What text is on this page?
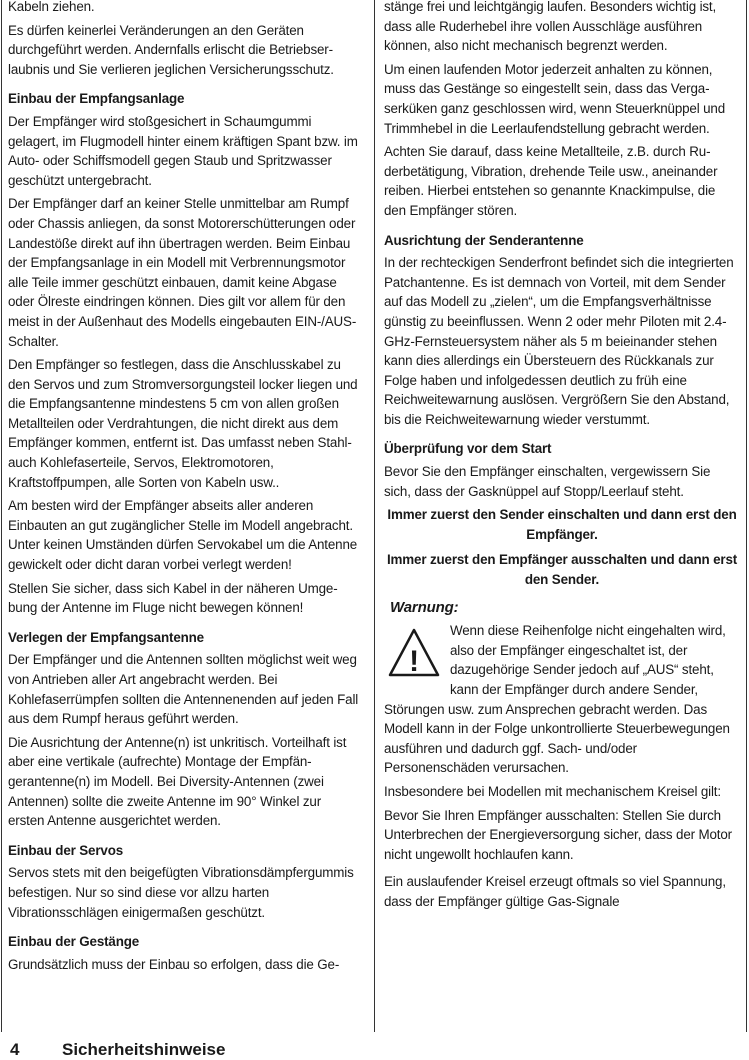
Kabeln ziehen.

Es dürfen keinerlei Veränderungen an den Geräten durchgeführt werden. Andernfalls erlischt die Betriebserlaubnis und Sie verlieren jeglichen Versicherungsschutz.

Einbau der Empfangsanlage

Der Empfänger wird stoßgesichert in Schaumgummi gelagert, im Flugmodell hinter einem kräftigen Spant bzw. im Auto- oder Schiffsmodell gegen Staub und Spritzwasser geschützt untergebracht.

Der Empfänger darf an keiner Stelle unmittelbar am Rumpf oder Chassis anliegen, da sonst Motorerschütterungen oder Landestöße direkt auf ihn übertragen werden. Beim Einbau der Empfangsanlage in ein Modell mit Verbrennungsmotor alle Teile immer geschützt einbauen, damit keine Abgase oder Ölreste eindringen können. Dies gilt vor allem für den meist in der Außenhaut des Modells eingebauten EIN-/AUS-Schalter.

Den Empfänger so festlegen, dass die Anschlusskabel zu den Servos und zum Stromversorgungsteil locker liegen und die Empfangsantenne mindestens 5 cm von allen großen Metallteilen oder Verdrahtungen, die nicht direkt aus dem Empfänger kommen, entfernt ist. Das umfasst neben Stahl- auch Kohlefaserteile, Servos, Elektromotoren, Kraftstoffpumpen, alle Sorten von Kabeln usw..

Am besten wird der Empfänger abseits aller anderen Einbauten an gut zugänglicher Stelle im Modell angebracht. Unter keinen Umständen dürfen Servokabel um die Antenne gewickelt oder dicht daran vorbei verlegt werden!

Stellen Sie sicher, dass sich Kabel in der näheren Umgebung der Antenne im Fluge nicht bewegen können!

Verlegen der Empfangsantenne

Der Empfänger und die Antennen sollten möglichst weit weg von Antrieben aller Art angebracht werden. Bei Kohlefaserrümpfen sollten die Antennenenden auf jeden Fall aus dem Rumpf heraus geführt werden.

Die Ausrichtung der Antenne(n) ist unkritisch. Vorteilhaft ist aber eine vertikale (aufrechte) Montage der Empfängerantenne(n) im Modell. Bei Diversity-Antennen (zwei Antennen) sollte die zweite Antenne im 90° Winkel zur ersten Antenne ausgerichtet werden.

Einbau der Servos

Servos stets mit den beigefügten Vibrationsdämpfergummis befestigen. Nur so sind diese vor allzu harten Vibrationsschlägen einigermaßen geschützt.

Einbau der Gestänge

Grundsätzlich muss der Einbau so erfolgen, dass die Ge-

stänge frei und leichtgängig laufen. Besonders wichtig ist, dass alle Ruderhebel ihre vollen Ausschläge ausführen können, also nicht mechanisch begrenzt werden.

Um einen laufenden Motor jederzeit anhalten zu können, muss das Gestänge so eingestellt sein, dass das Vergaserküken ganz geschlossen wird, wenn Steuerknüppel und Trimmhebel in die Leerlaufendstellung gebracht werden.

Achten Sie darauf, dass keine Metallteile, z.B. durch Ruderbetätigung, Vibration, drehende Teile usw., aneinander reiben. Hierbei entstehen so genannte Knackimpulse, die den Empfänger stören.

Ausrichtung der Senderantenne

In der rechteckigen Senderfront befindet sich die integrierten Patchantenne. Es ist demnach von Vorteil, mit dem Sender auf das Modell zu „zielen“, um die Empfangsverhältnisse günstig zu beeinflussen. Wenn 2 oder mehr Piloten mit 2.4-GHz-Fernsteuersystem näher als 5 m beieinander stehen kann dies allerdings ein Übersteuern des Rückkanals zur Folge haben und infolgedessen deutlich zu früh eine Reichweitewarnung auslösen. Vergrößern Sie den Abstand, bis die Reichweitewarnung wieder verstummt.

Überprüfung vor dem Start

Bevor Sie den Empfänger einschalten, vergewissern Sie sich, dass der Gasknüppel auf Stopp/Leerlauf steht.

Immer zuerst den Sender einschalten und dann erst den Empfänger.

Immer zuerst den Empfänger ausschalten und dann erst den Sender.

Warnung:
!

Wenn diese Reihenfolge nicht eingehalten wird, also der Empfänger eingeschaltet ist, der dazugehörige Sender jedoch auf „AUS“ steht, kann der Empfänger durch andere Sender, Störungen usw. zum Ansprechen gebracht werden. Das Modell kann in der Folge unkontrollierte Steuerbewegungen ausführen und dadurch ggf. Sach- und/oder Personenschäden verursachen.

Insbesondere bei Modellen mit mechanischem Kreisel gilt:

Bevor Sie Ihren Empfänger ausschalten: Stellen Sie durch Unterbrechen der Energieversorgung sicher, dass der Motor nicht ungewollt hochlaufen kann.

Ein auslaufender Kreisel erzeugt oftmals so viel Spannung, dass der Empfänger gültige Gas-Signale

4	Sicherheitshinweise
